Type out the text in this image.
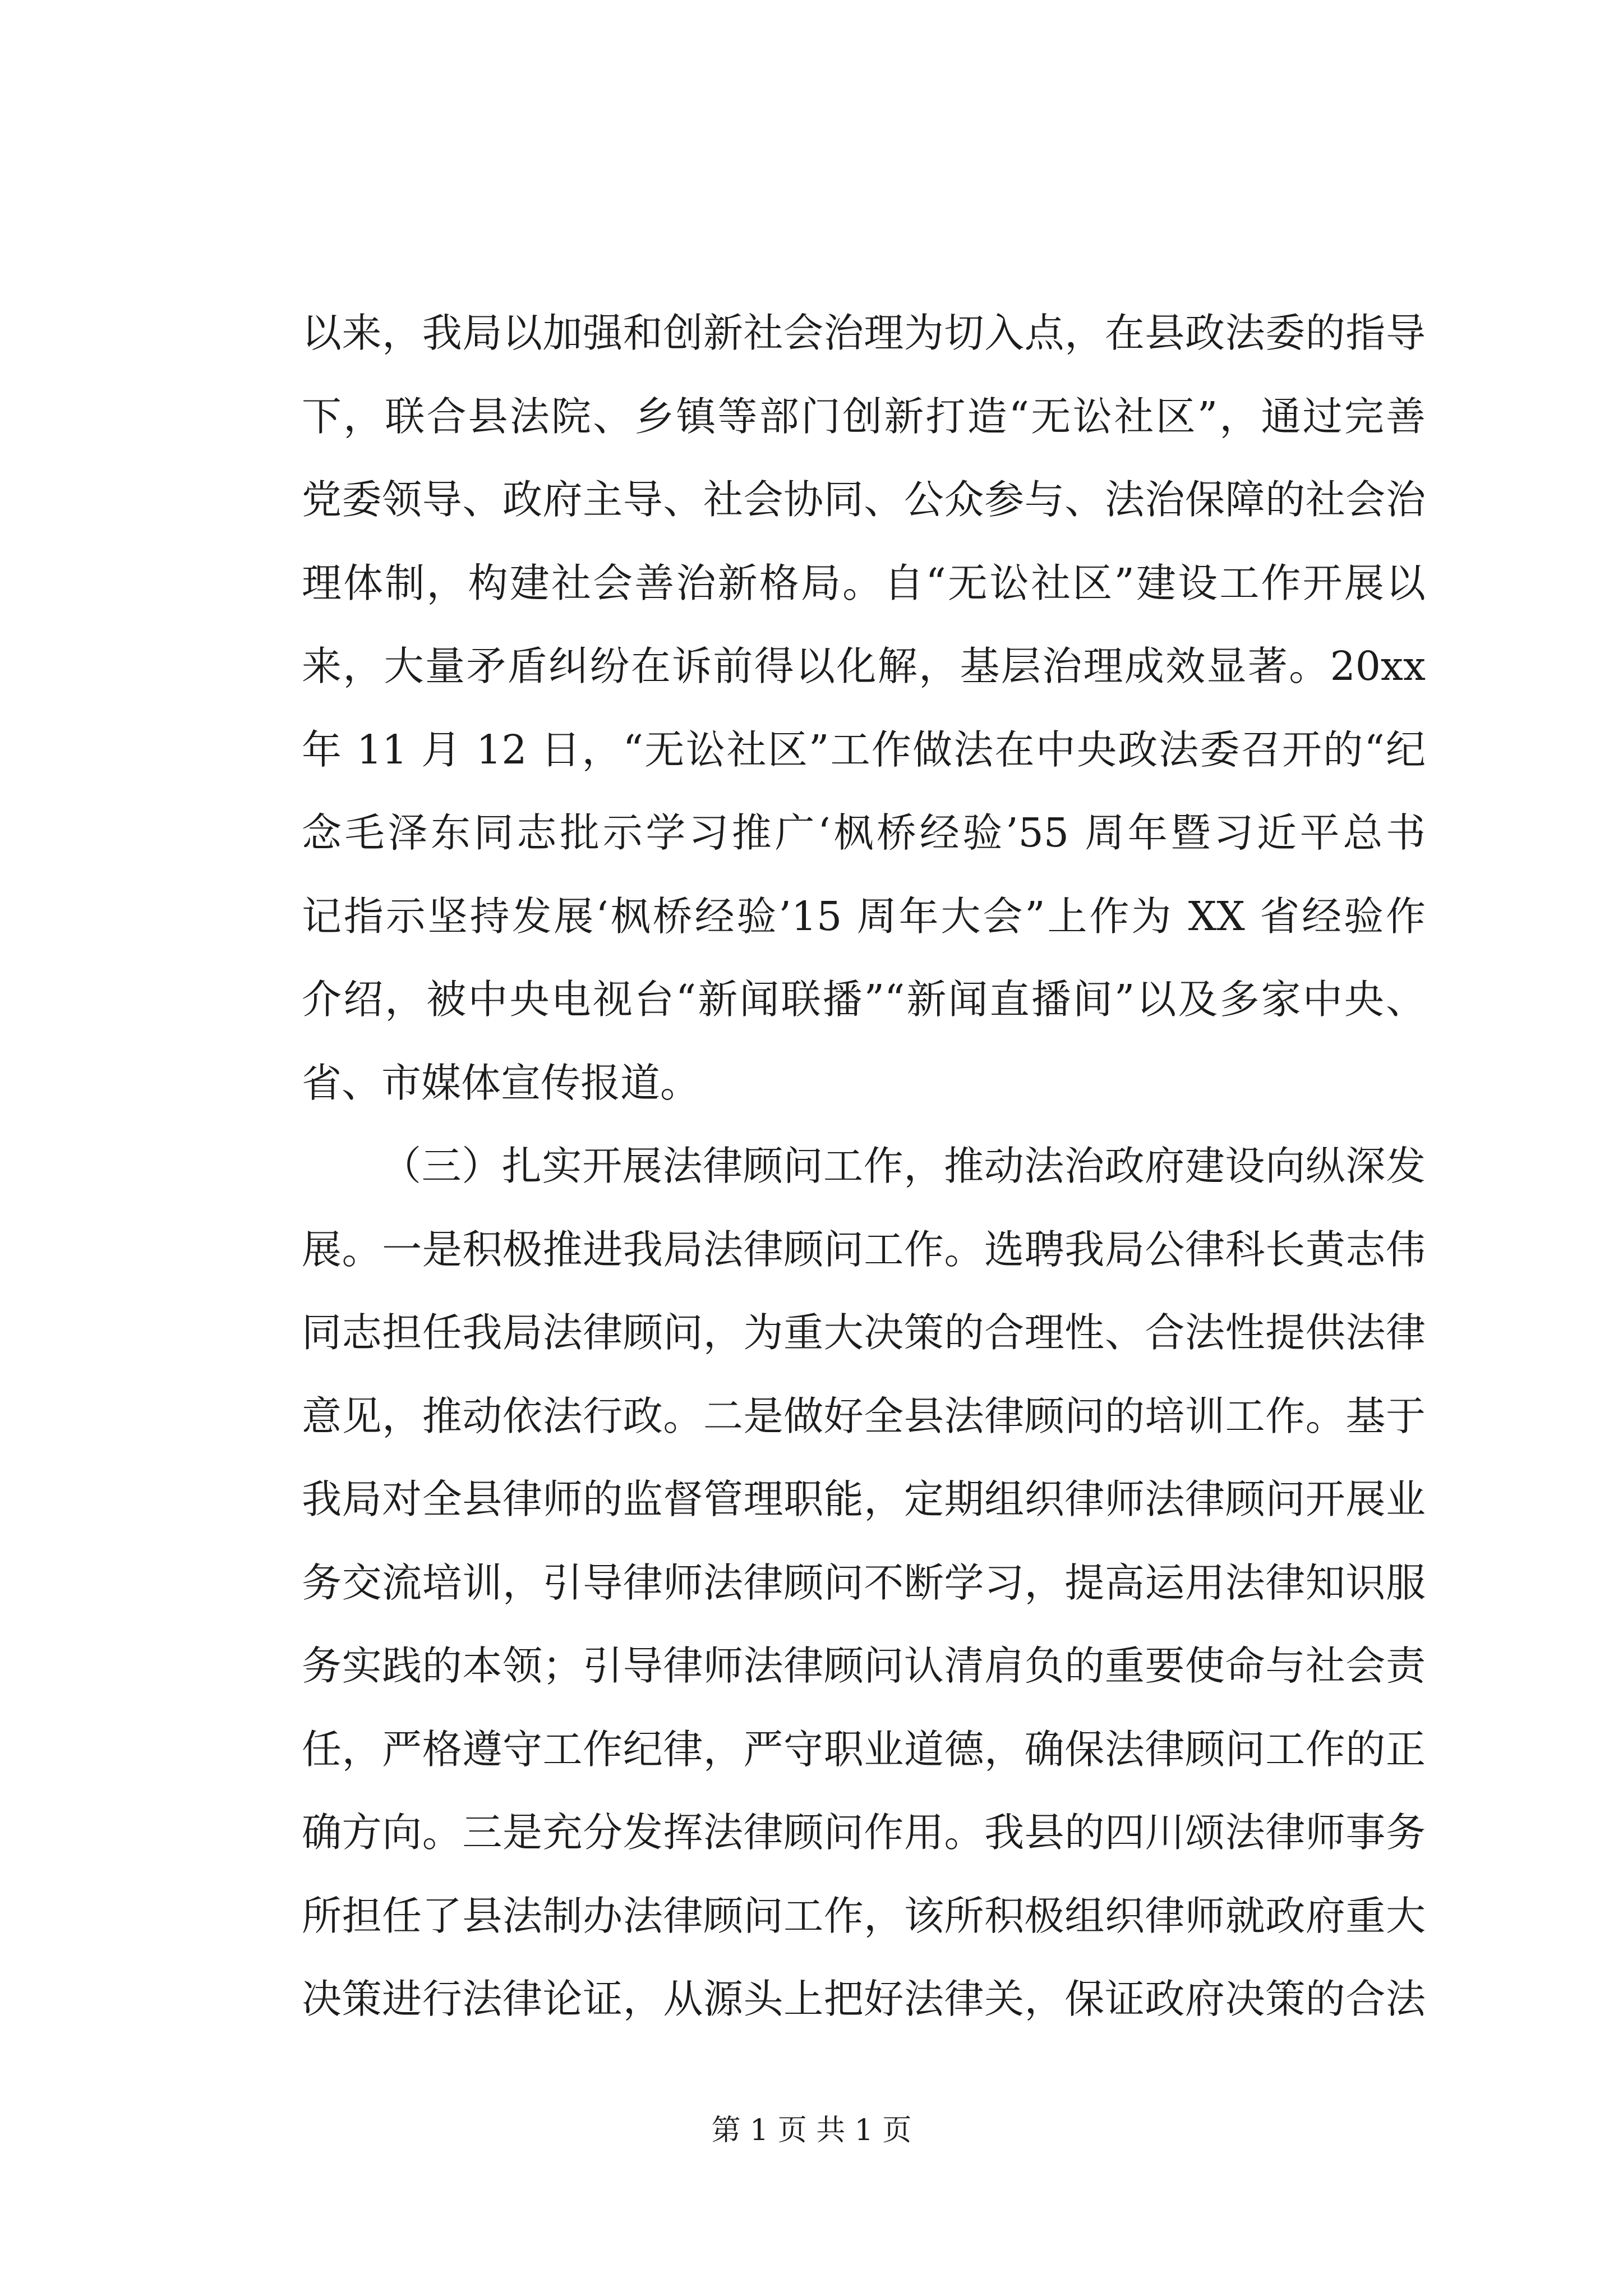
以来，我局以加强和创新社会治理为切入点，在县政法委的指导
下，联合县法院、乡镇等部门创新打造“无讼社区”，通过完善
党委领导、政府主导、社会协同、公众参与、法治保障的社会治
理体制，构建社会善治新格局。自“无讼社区”建设工作开展以
来，大量矛盾纠纷在诉前得以化解，基层治理成效显著。20xx
年 11 月 12 日，“无讼社区”工作做法在中央政法委召开的“纪
念毛泽东同志批示学习推广‘枫桥经验’55 周年暨习近平总书
记指示坚持发展‘枫桥经验’15 周年大会”上作为 XX 省经验作
介绍，被中央电视台“新闻联播”“新闻直播间”以及多家中央、
省、市媒体宣传报道。
（三）扎实开展法律顾问工作，推动法治政府建设向纵深发
展。一是积极推进我局法律顾问工作。选聘我局公律科长黄志伟
同志担任我局法律顾问，为重大决策的合理性、合法性提供法律
意见，推动依法行政。二是做好全县法律顾问的培训工作。基于
我局对全县律师的监督管理职能，定期组织律师法律顾问开展业
务交流培训，引导律师法律顾问不断学习，提高运用法律知识服
务实践的本领；引导律师法律顾问认清肩负的重要使命与社会责
任，严格遵守工作纪律，严守职业道德，确保法律顾问工作的正
确方向。三是充分发挥法律顾问作用。我县的四川颂法律师事务
所担任了县法制办法律顾问工作，该所积极组织律师就政府重大
决策进行法律论证，从源头上把好法律关，保证政府决策的合法
第 1 页 共 1 页
